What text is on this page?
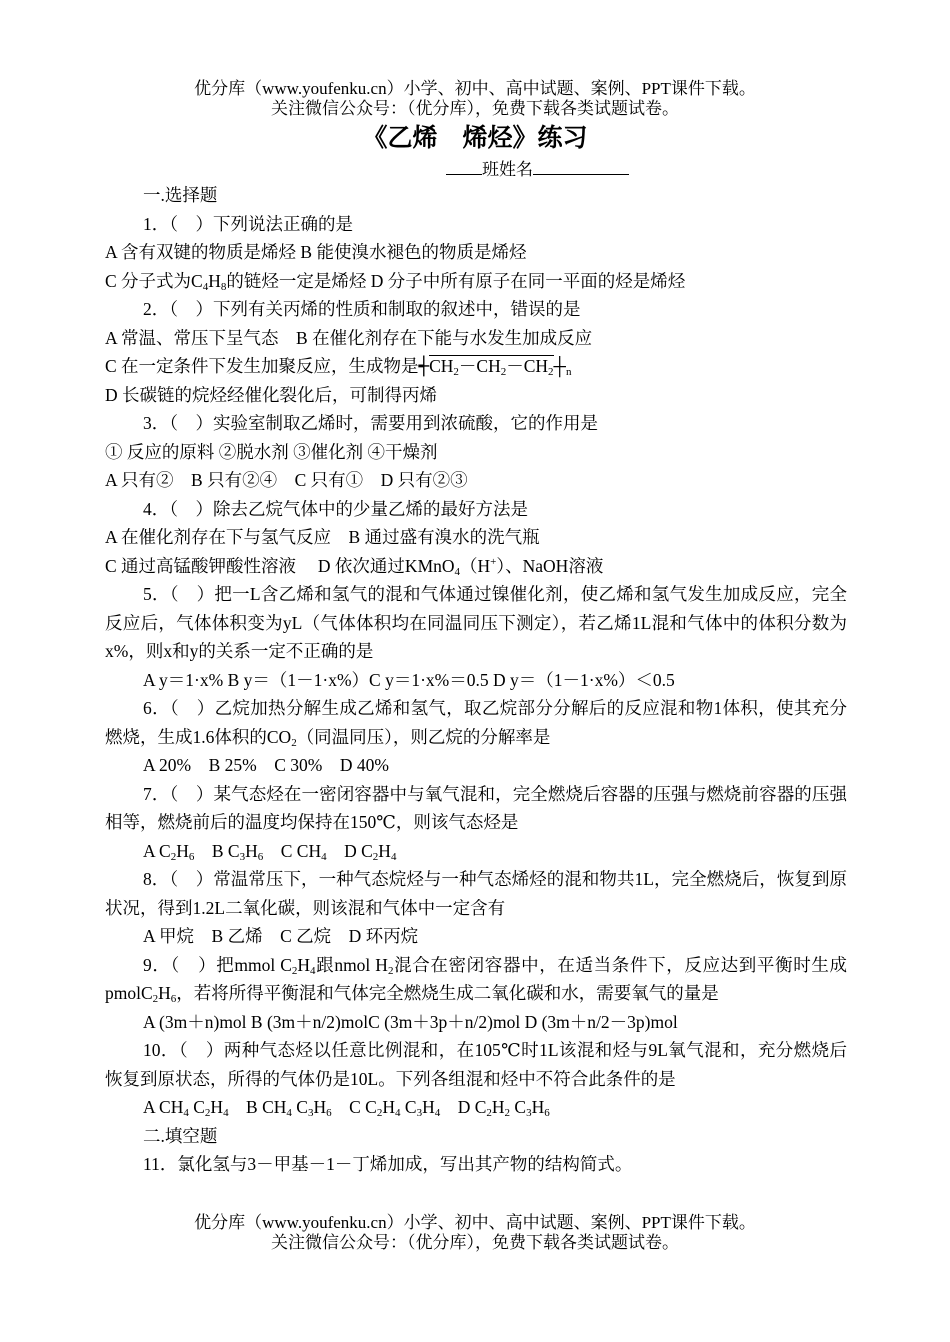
优分库（www.youfenku.cn）小学、初中、高中试题、案例、PPT课件下载。
关注微信公众号：（优分库），免费下载各类试题试卷。
《乙烯　烯烃》练习
班姓名

一.选择题

1．（　）下列说法正确的是

A 含有双键的物质是烯烃 B 能使溴水褪色的物质是烯烃

C 分子式为$C_4H_8$的链烃一定是烯烃 D 分子中所有原子在同一平面的烃是烯烃

2．（　）下列有关丙烯的性质和制取的叙述中，错误的是

A 常温、常压下呈气态　B 在催化剂存在下能与水发生加成反应

C 在一定条件下发生加聚反应，生成物是$┽CH_2-CH_2-CH_2┼_n$

D 长碳链的烷烃经催化裂化后，可制得丙烯

3．（　）实验室制取乙烯时，需要用到浓硫酸，它的作用是

① 反应的原料 ②脱水剂 ③催化剂 ④干燥剂

A 只有②　B 只有②④　C 只有①　D 只有②③

4．（　）除去乙烷气体中的少量乙烯的最好方法是

A 在催化剂存在下与氢气反应　B 通过盛有溴水的洗气瓶

C 通过高锰酸钾酸性溶液　 D 依次通过KMnO$_4$（H+）、NaOH溶液

5．（　）把一L含乙烯和氢气的混和气体通过镍催化剂，使乙烯和氢气发生加成反应，完全反应后，气体体积变为yL（气体体积均在同温同压下测定），若乙烯1L混和气体中的体积分数为x%，则x和y的关系一定不正确的是

A y＝1·x% B y＝（1－1·x%）C y＝1·x%＝0.5 D y＝（1－1·x%）＜0.5

6．（　）乙烷加热分解生成乙烯和氢气，取乙烷部分分解后的反应混和物1体积，使其充分燃烧，生成1.6体积的$CO_2$（同温同压），则乙烷的分解率是

A 20%　B 25%　C 30%　D 40%

7．（　）某气态烃在一密闭容器中与氧气混和，完全燃烧后容器的压强与燃烧前容器的压强相等，燃烧前后的温度均保持在150℃，则该气态烃是

A $C_2H_6$　B $C_3H_6$　C $CH_4$　D $C_2H_4$

8．（　）常温常压下，一种气态烷烃与一种气态烯烃的混和物共1L，完全燃烧后，恢复到原状况，得到1.2L二氧化碳，则该混和气体中一定含有

A 甲烷　B 乙烯　C 乙烷　D 环丙烷

9．（　）把mmol $C_2H_4$跟nmol $H_2$混合在密闭容器中，在适当条件下，反应达到平衡时生成$pmolC_2H_6$，若将所得平衡混和气体完全燃烧生成二氧化碳和水，需要氧气的量是

A (3m＋n)mol B (3m＋n/2)molC (3m＋3p＋n/2)mol D (3m＋n/2－3p)mol

10．（　）两种气态烃以任意比例混和，在105℃时1L该混和烃与9L氧气混和，充分燃烧后恢复到原状态，所得的气体仍是10L。下列各组混和烃中不符合此条件的是

A $CH_4$ $C_2H_4$　B $CH_4$ $C_3H_6$　C $C_2H_4$ $C_3H_4$　D $C_2H_2$ $C_3H_6$

二.填空题

11．氯化氢与3－甲基－1－丁烯加成，写出其产物的结构简式。

优分库（www.youfenku.cn）小学、初中、高中试题、案例、PPT课件下载。
关注微信公众号：（优分库），免费下载各类试题试卷。
